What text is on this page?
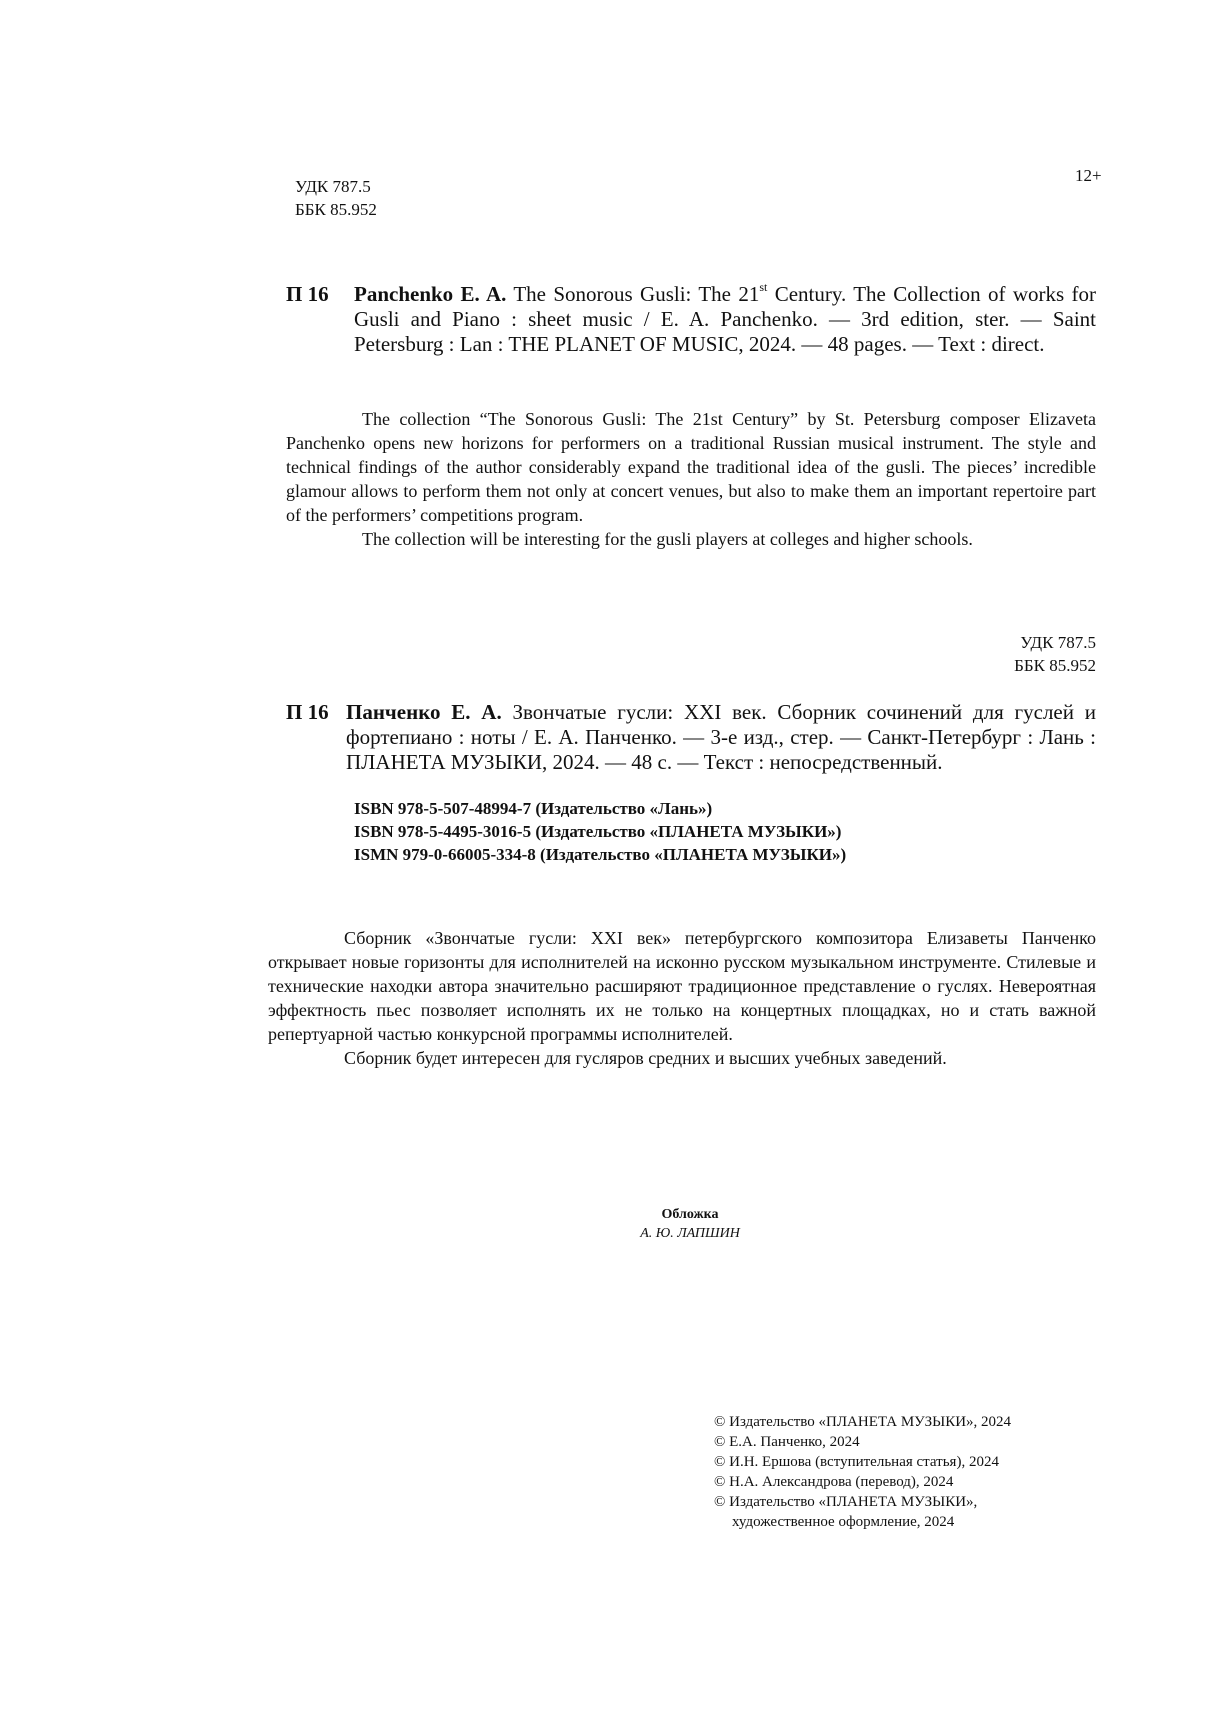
УДК 787.5
ББК 85.952
12+
П 16 Panchenko E. A. The Sonorous Gusli: The 21st Century. The Collection of works for Gusli and Piano : sheet music / E. A. Panchenko. — 3rd edition, ster. — Saint Petersburg : Lan : THE PLANET OF MUSIC, 2024. — 48 pages. — Text : direct.

The collection “The Sonorous Gusli: The 21st Century” by St. Petersburg composer Elizaveta Panchenko opens new horizons for performers on a traditional Russian musical instrument. The style and technical findings of the author considerably expand the traditional idea of the gusli. The pieces’ incredible glamour allows to perform them not only at concert venues, but also to make them an important repertoire part of the performers’ competitions program.

The collection will be interesting for the gusli players at colleges and higher schools.

УДК 787.5
ББК 85.952
П 16 Панченко Е. А. Звончатые гусли: XXI век. Сборник сочинений для гуслей и фортепиано : ноты / Е. А. Панченко. — 3-е изд., стер. — Санкт-Петербург : Лань : ПЛАНЕТА МУЗЫКИ, 2024. — 48 с. — Текст : непосредственный.
ISBN 978-5-507-48994-7 (Издательство «Лань»)
ISBN 978-5-4495-3016-5 (Издательство «ПЛАНЕТА МУЗЫКИ»)
ISMN 979-0-66005-334-8 (Издательство «ПЛАНЕТА МУЗЫКИ»)

Сборник «Звончатые гусли: XXI век» петербургского композитора Елизаветы Панченко открывает новые горизонты для исполнителей на исконно русском музыкальном инструменте. Стилевые и технические находки автора значительно расширяют традиционное представление о гуслях. Невероятная эффектность пьес позволяет исполнять их не только на концертных площадках, но и стать важной репертуарной частью конкурсной программы исполнителей.

Сборник будет интересен для гусляров средних и высших учебных заведений.

Обложка
А. Ю. ЛАПШИН
© Издательство «ПЛАНЕТА МУЗЫКИ», 2024
© Е.А. Панченко, 2024
© И.Н. Ершова (вступительная статья), 2024
© Н.А. Александрова (перевод), 2024
© Издательство «ПЛАНЕТА МУЗЫКИ»,
художественное оформление, 2024
